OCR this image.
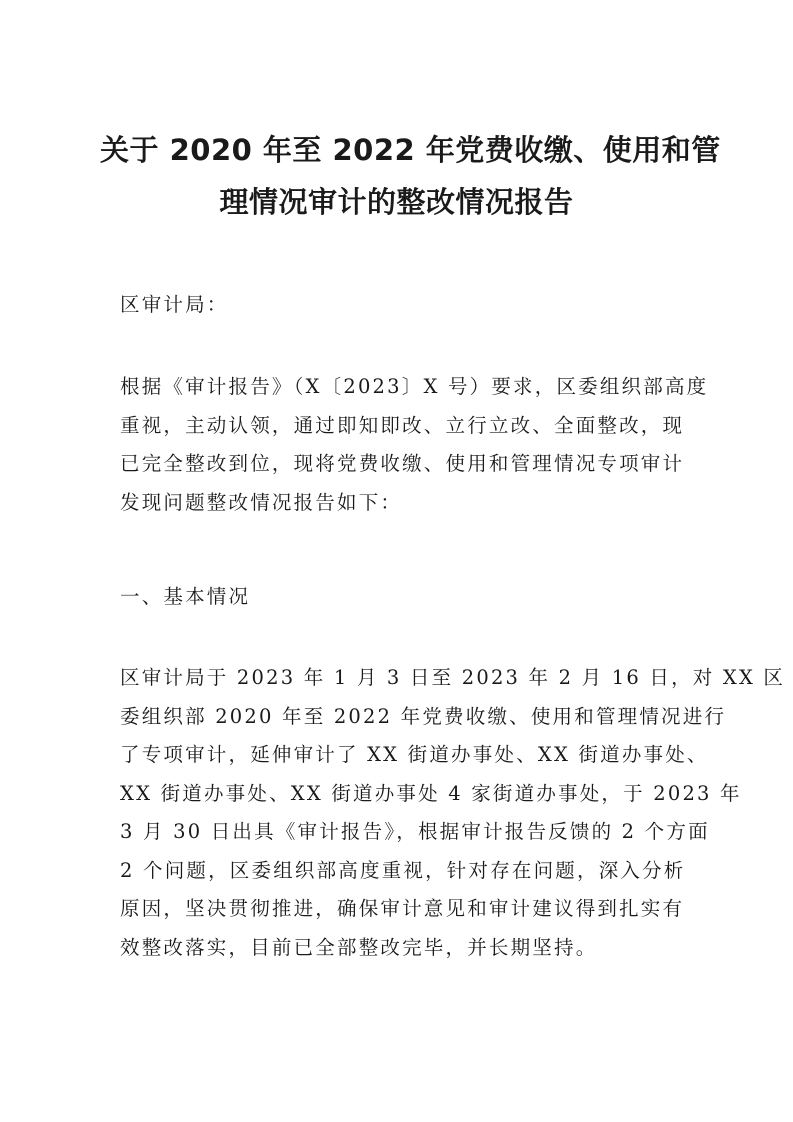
关于 2020 年至 2022 年党费收缴、使用和管
理情况审计的整改情况报告
区审计局：
根据《审计报告》（X〔2023〕X 号）要求，区委组织部高度
重视，主动认领，通过即知即改、立行立改、全面整改，现
已完全整改到位，现将党费收缴、使用和管理情况专项审计
发现问题整改情况报告如下：
一、基本情况
区审计局于 2023 年 1 月 3 日至 2023 年 2 月 16 日，对 XX 区
委组织部 2020 年至 2022 年党费收缴、使用和管理情况进行
了专项审计，延伸审计了 XX 街道办事处、XX 街道办事处、
XX 街道办事处、XX 街道办事处 4 家街道办事处，于 2023 年
3 月 30 日出具《审计报告》，根据审计报告反馈的 2 个方面
2 个问题，区委组织部高度重视，针对存在问题，深入分析
原因，坚决贯彻推进，确保审计意见和审计建议得到扎实有
效整改落实，目前已全部整改完毕，并长期坚持。
